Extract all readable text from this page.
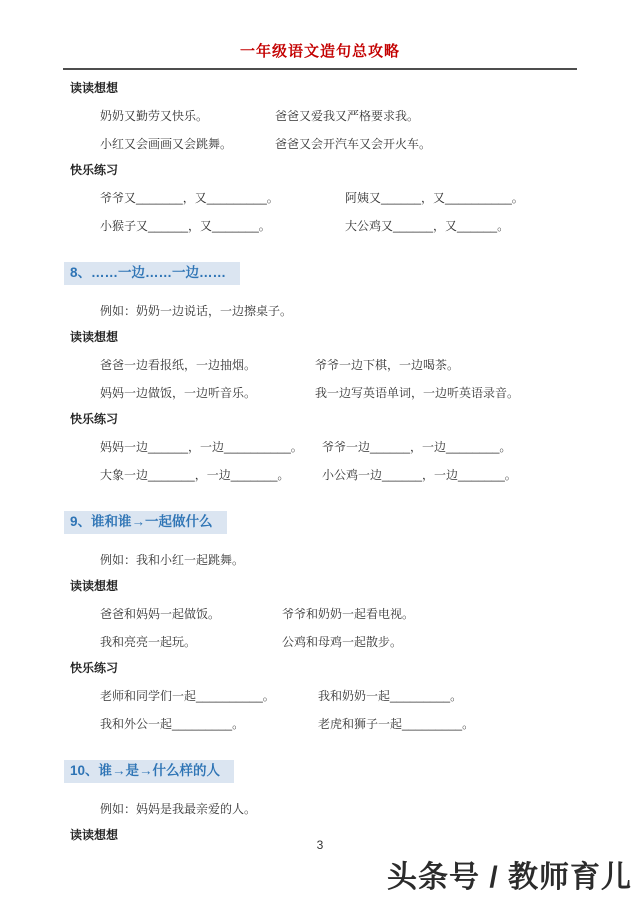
一年级语文造句总攻略
读读想想
奶奶又勤劳又快乐。	爸爸又爱我又严格要求我。
小红又会画画又会跳舞。	爸爸又会开汽车又会开火车。
快乐练习
爷爷又_______，又_________。	阿姨又______，又__________。
小猴子又______，又_______。	大公鸡又______，又______。
8、……一边……一边……
例如：奶奶一边说话，一边擦桌子。
读读想想
爸爸一边看报纸，一边抽烟。	爷爷一边下棋，一边喝茶。
妈妈一边做饭，一边听音乐。	我一边写英语单词，一边听英语录音。
快乐练习
妈妈一边______，一边__________。	爷爷一边______，一边________。
大象一边_______，一边_______。	小公鸡一边______，一边_______。
9、谁和谁→一起做什么
例如：我和小红一起跳舞。
读读想想
爸爸和妈妈一起做饭。	爷爷和奶奶一起看电视。
我和亮亮一起玩。	公鸡和母鸡一起散步。
快乐练习
老师和同学们一起__________。	我和奶奶一起_________。
我和外公一起_________。	老虎和狮子一起_________。
10、谁→是→什么样的人
例如：妈妈是我最亲爱的人。
读读想想
3
头条号 / 教师育儿
